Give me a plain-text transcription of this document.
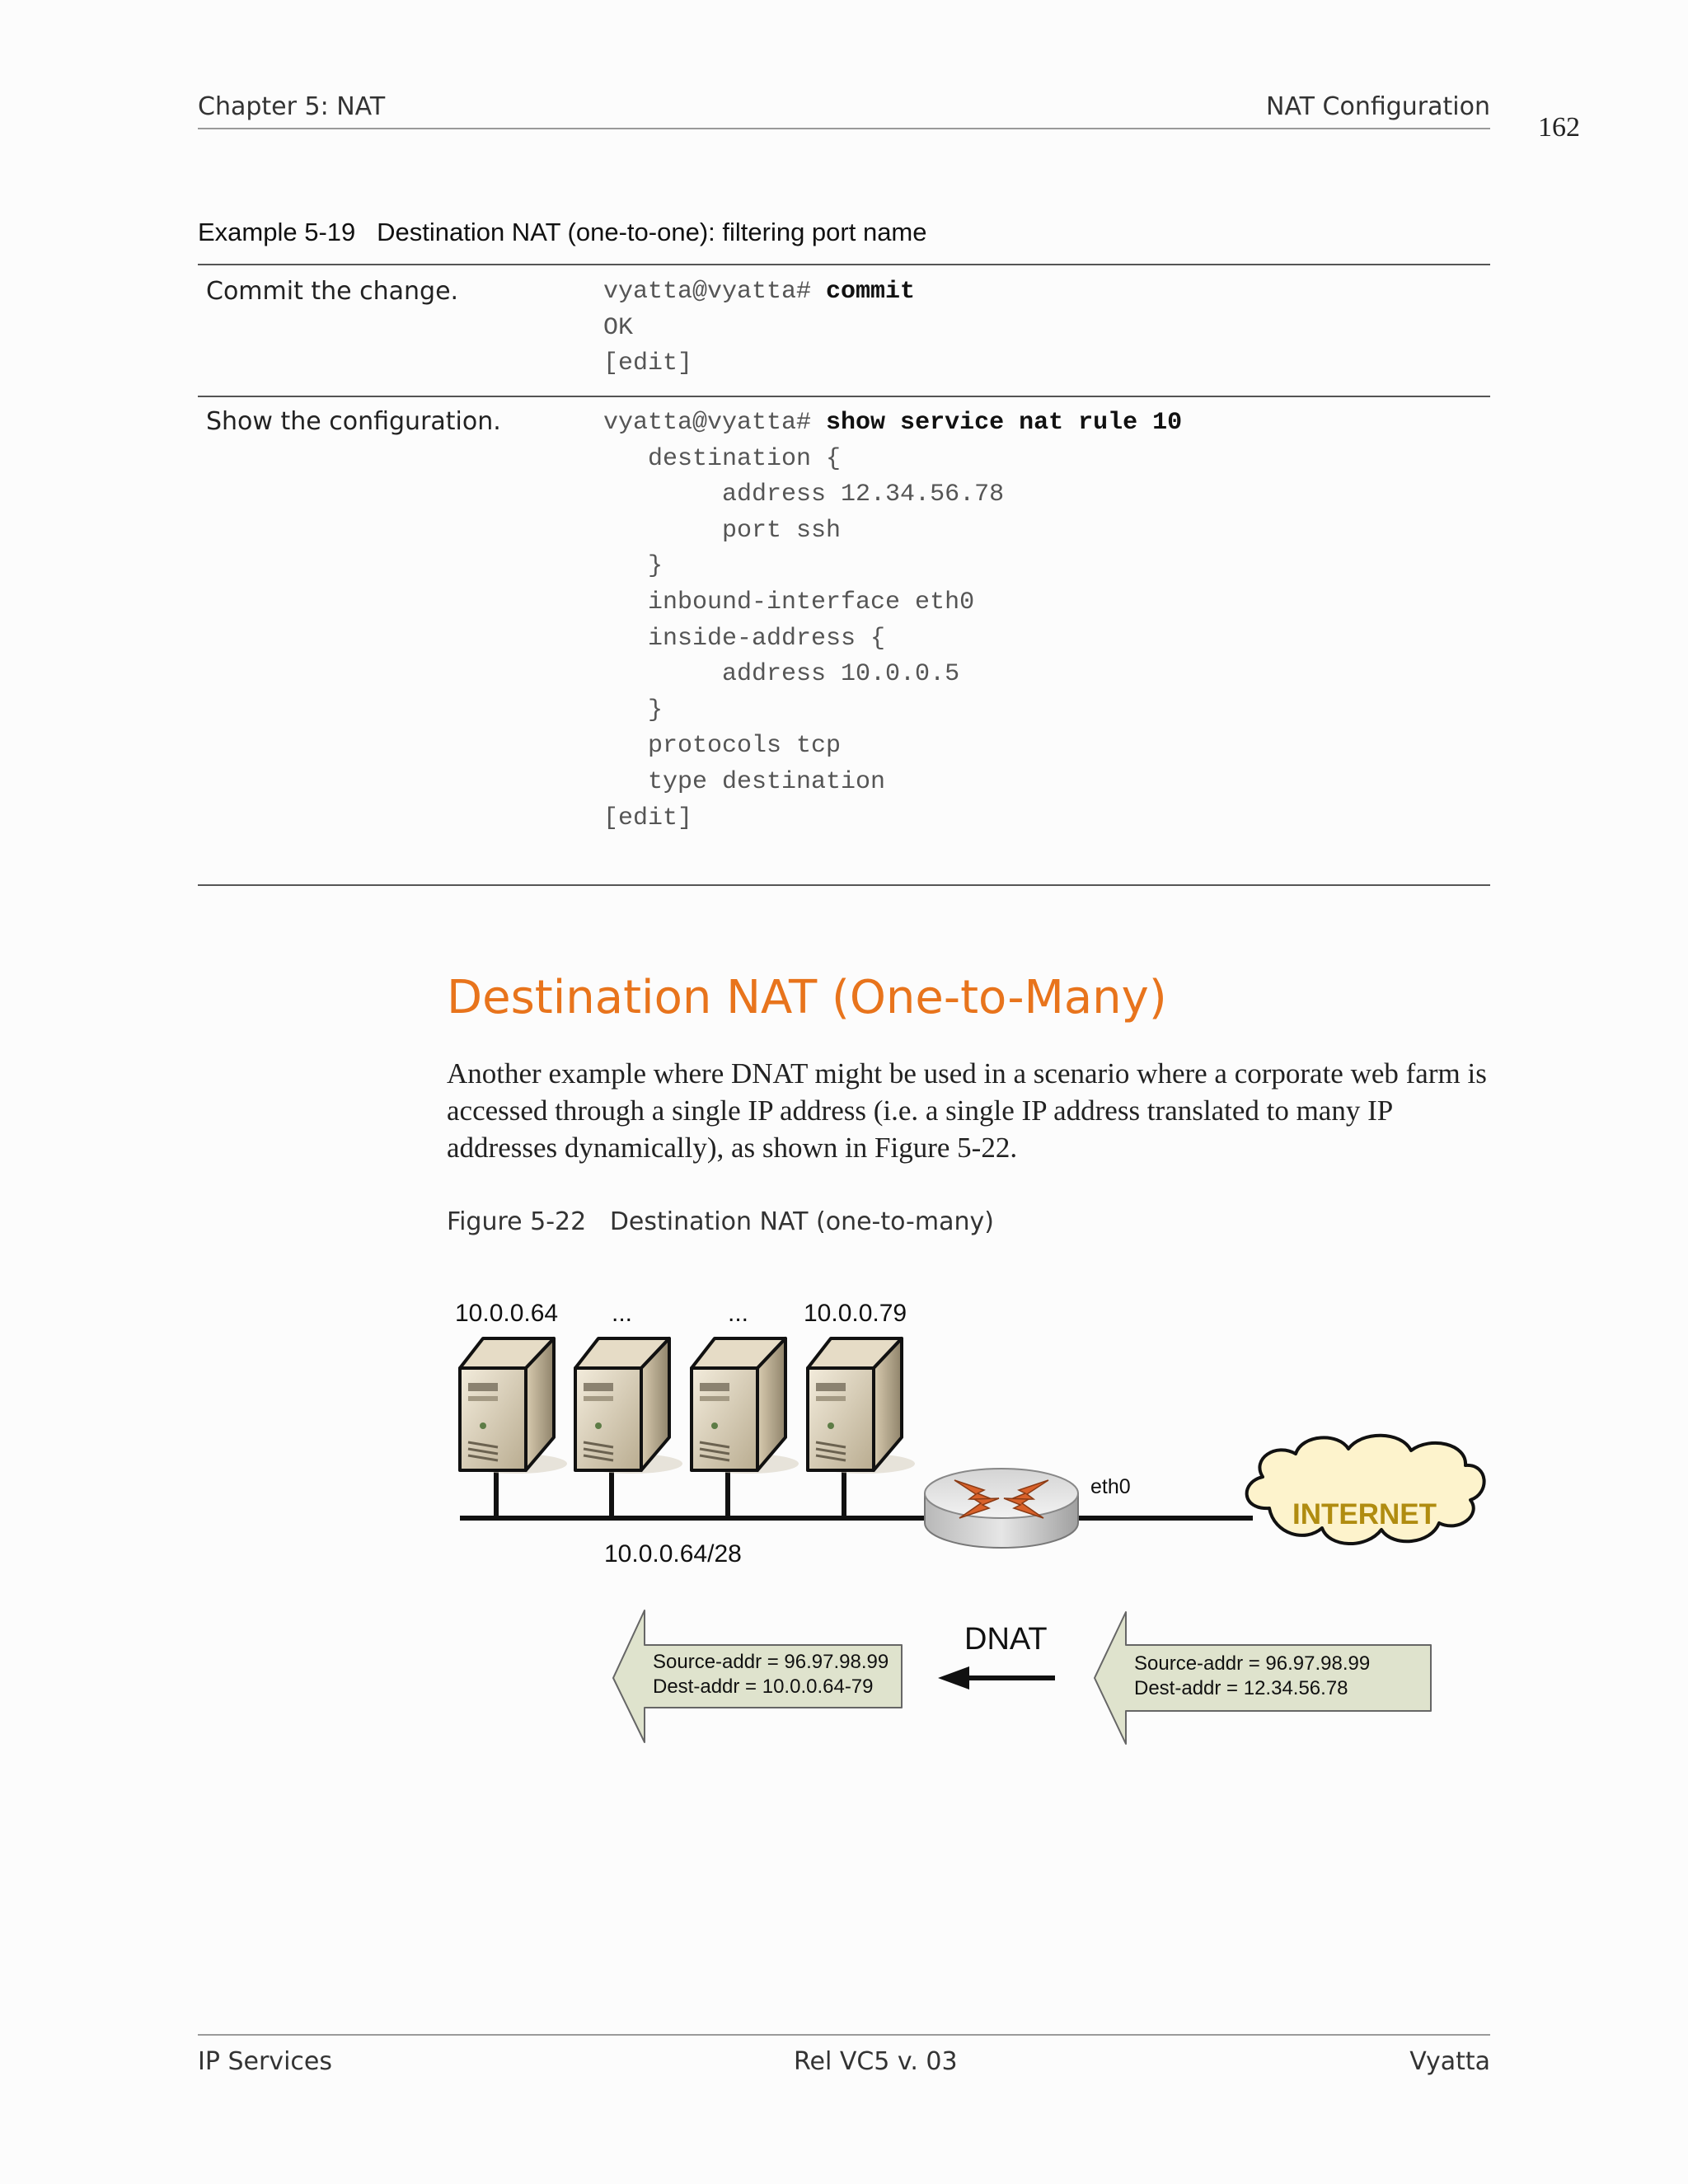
Chapter 5: NAT	NAT Configuration
162
Example 5-19   Destination NAT (one-to-one): filtering port name
Commit the change.	vyatta@vyatta# commit
OK
[edit]
Show the configuration.	vyatta@vyatta# show service nat rule 10
destination {
address 12.34.56.78
port ssh
}
inbound-interface eth0
inside-address {
address 10.0.0.5
}
protocols tcp
type destination
[edit]
Destination NAT (One-to-Many)
Another example where DNAT might be used in a scenario where a corporate web farm is
accessed through a single IP address (i.e. a single IP address translated to many IP
addresses dynamically), as shown in Figure 5-22.
Figure 5-22   Destination NAT (one-to-many)
10.0.0.64 ...	... 10.0.0.79
10.0.0.64/28
eth0
INTERNET
DNAT
Source-addr = 96.97.98.99
Dest-addr = 10.0.0.64-79
Source-addr = 96.97.98.99
Dest-addr = 12.34.56.78
IP Services	Rel VC5 v. 03	Vyatta
